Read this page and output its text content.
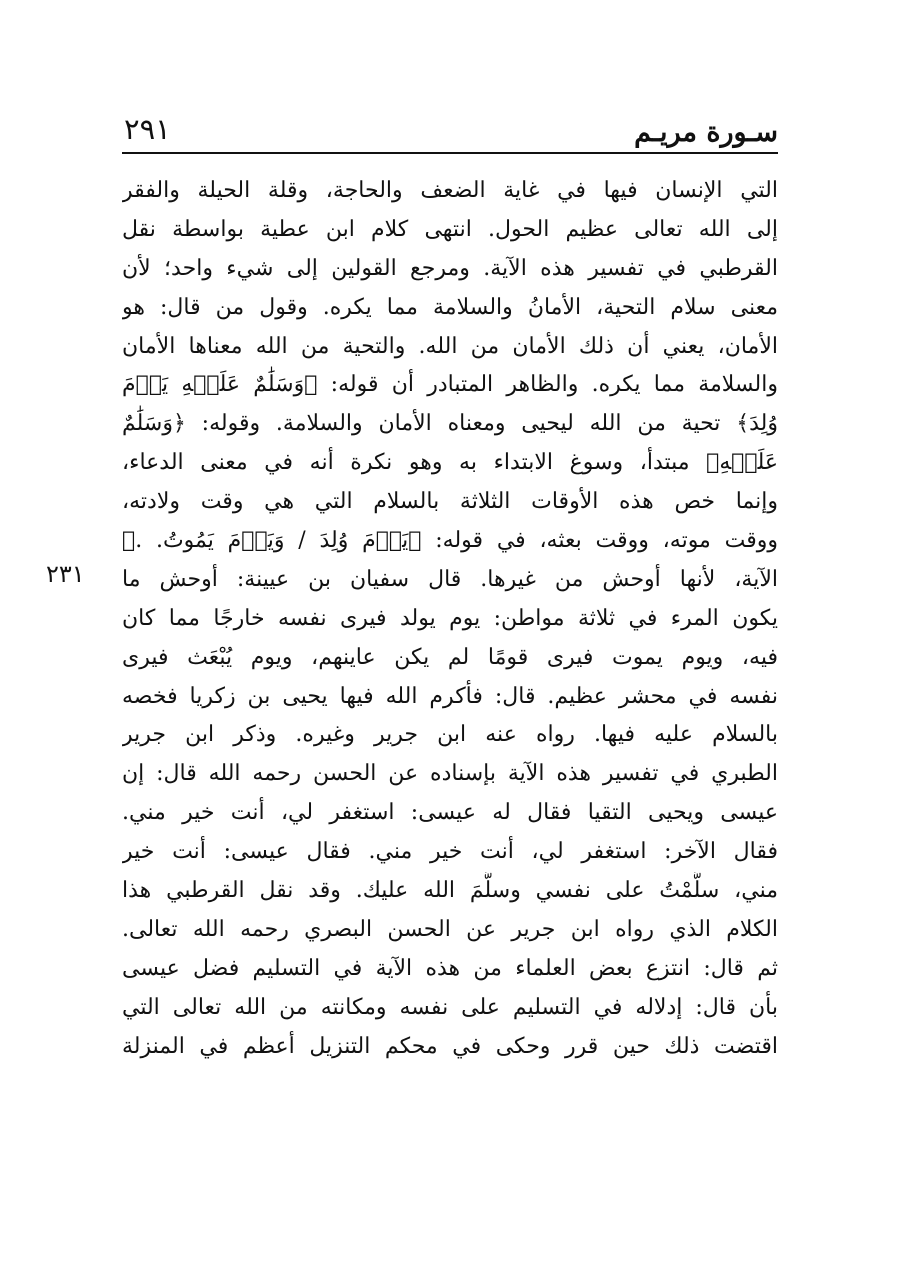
سـورة مريـم
٢٩١
٢٣١
التي الإنسان فيها في غاية الضعف والحاجة، وقلة الحيلة والفقر
إلى الله تعالى عظيم الحول. انتهى كلام ابن عطية بواسطة نقل
القرطبي في تفسير هذه الآية. ومرجع القولين إلى شيء واحد؛ لأن
معنى سلام التحية، الأمانُ والسلامة مما يكره. وقول من قال: هو
الأمان، يعني أن ذلك الأمان من الله. والتحية من الله معناها الأمان
والسلامة مما يكره. والظاهر المتبادر أن قوله: ﴿وَسَلَٰمٌ عَلَيۡهِ يَوۡمَ
وُلِدَ﴾ تحية من الله ليحيى ومعناه الأمان والسلامة. وقوله: ﴿وَسَلَٰمٌ
عَلَيۡهِ﴾ مبتدأ، وسوغ الابتداء به وهو نكرة أنه في معنى الدعاء،
وإنما خص هذه الأوقات الثلاثة بالسلام التي هي وقت ولادته،
ووقت موته، ووقت بعثه، في قوله: ﴿يَوۡمَ وُلِدَ / وَيَوۡمَ يَمُوتُ. .﴾
الآية، لأنها أوحش من غيرها. قال سفيان بن عيينة: أوحش ما
يكون المرء في ثلاثة مواطن: يوم يولد فيرى نفسه خارجًا مما كان
فيه، ويوم يموت فيرى قومًا لم يكن عاينهم، ويوم يُبْعَث فيرى
نفسه في محشر عظيم. قال: فأكرم الله فيها يحيى بن زكريا فخصه
بالسلام عليه فيها. رواه عنه ابن جرير وغيره. وذكر ابن جرير
الطبري في تفسير هذه الآية بإسناده عن الحسن رحمه الله قال: إن
عيسى ويحيى التقيا فقال له عيسى: استغفر لي، أنت خير مني.
فقال الآخر: استغفر لي، أنت خير مني. فقال عيسى: أنت خير
مني، سلَّمْتُ على نفسي وسلَّمَ الله عليك. وقد نقل القرطبي هذا
الكلام الذي رواه ابن جرير عن الحسن البصري رحمه الله تعالى.
ثم قال: انتزع بعض العلماء من هذه الآية في التسليم فضل عيسى
بأن قال: إدلاله في التسليم على نفسه ومكانته من الله تعالى التي
اقتضت ذلك حين قرر وحكى في محكم التنزيل أعظم في المنزلة
